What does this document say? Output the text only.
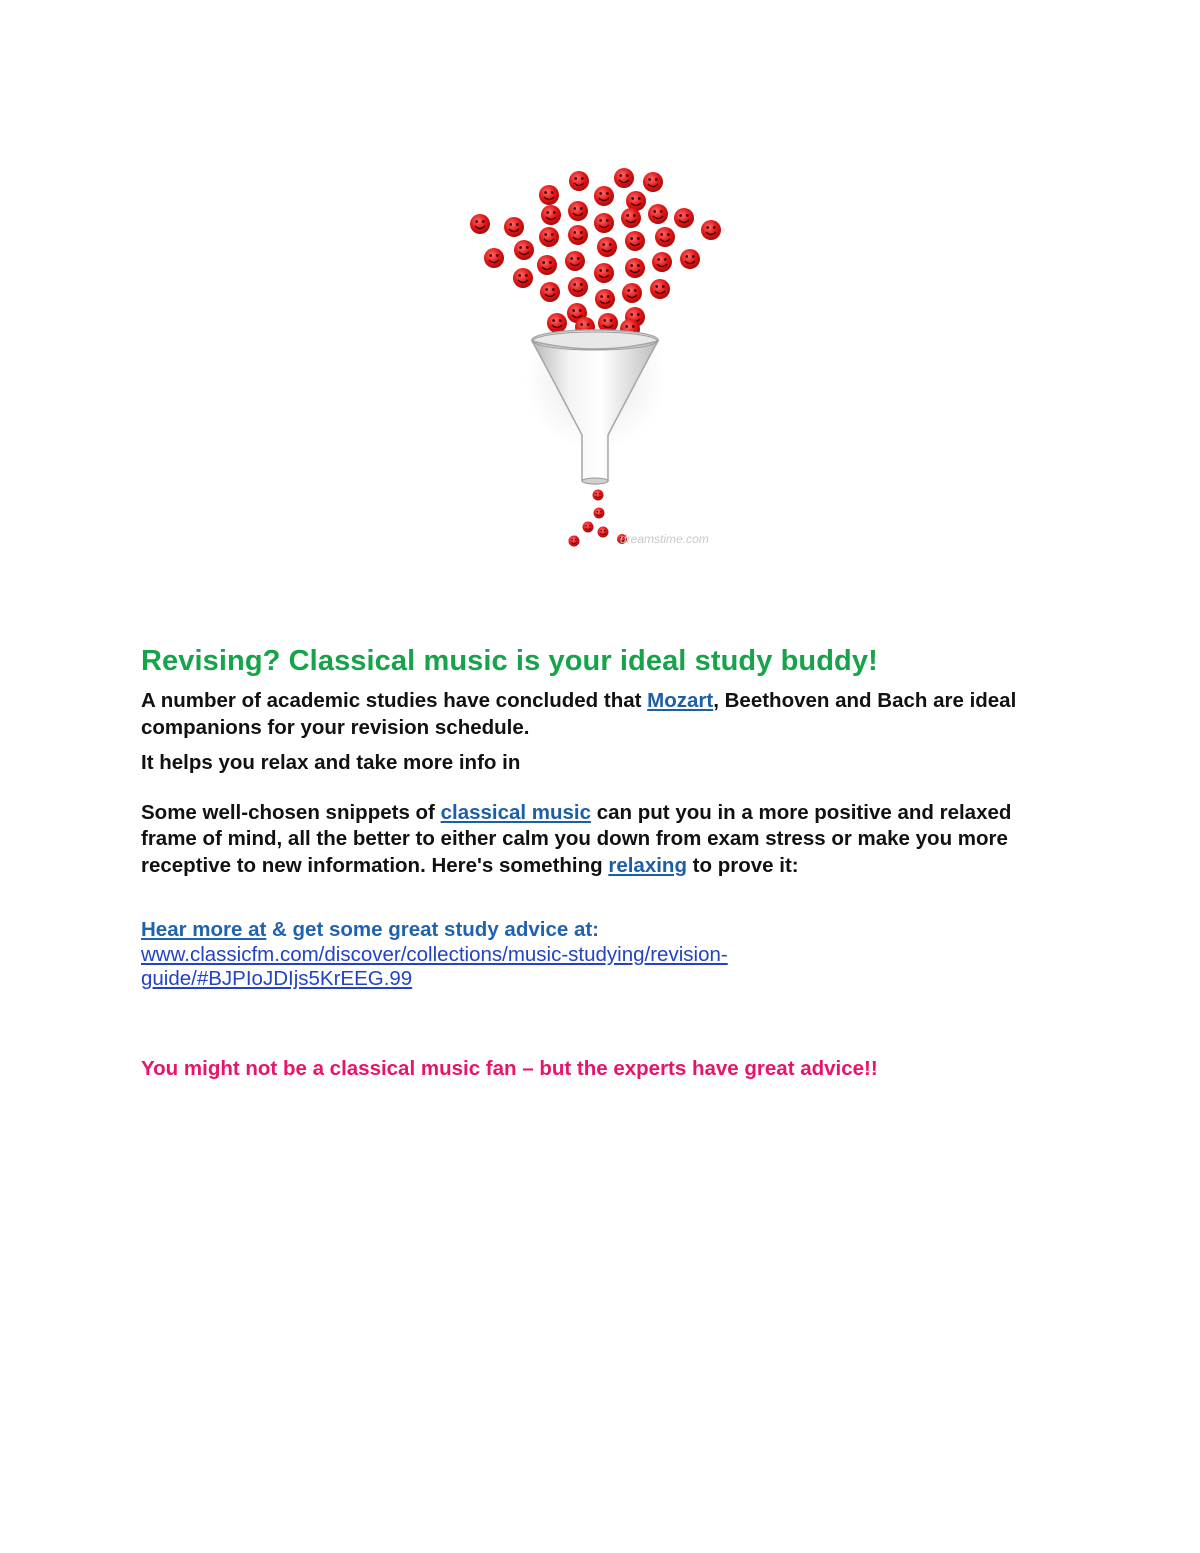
dreamstime.com
Revising? Classical music is your ideal study buddy!

A number of academic studies have concluded that Mozart, Beethoven and Bach are ideal companions for your revision schedule.

It helps you relax and take more info in

Some well-chosen snippets of classical music can put you in a more positive and relaxed frame of mind, all the better to either calm you down from exam stress or make you more receptive to new information. Here's something relaxing to prove it:

Hear more at & get some great study advice at:

www.classicfm.com/discover/collections/music-studying/revision-guide/#BJPIoJDIjs5KrEEG.99

You might not be a classical music fan – but the experts have great advice!!
